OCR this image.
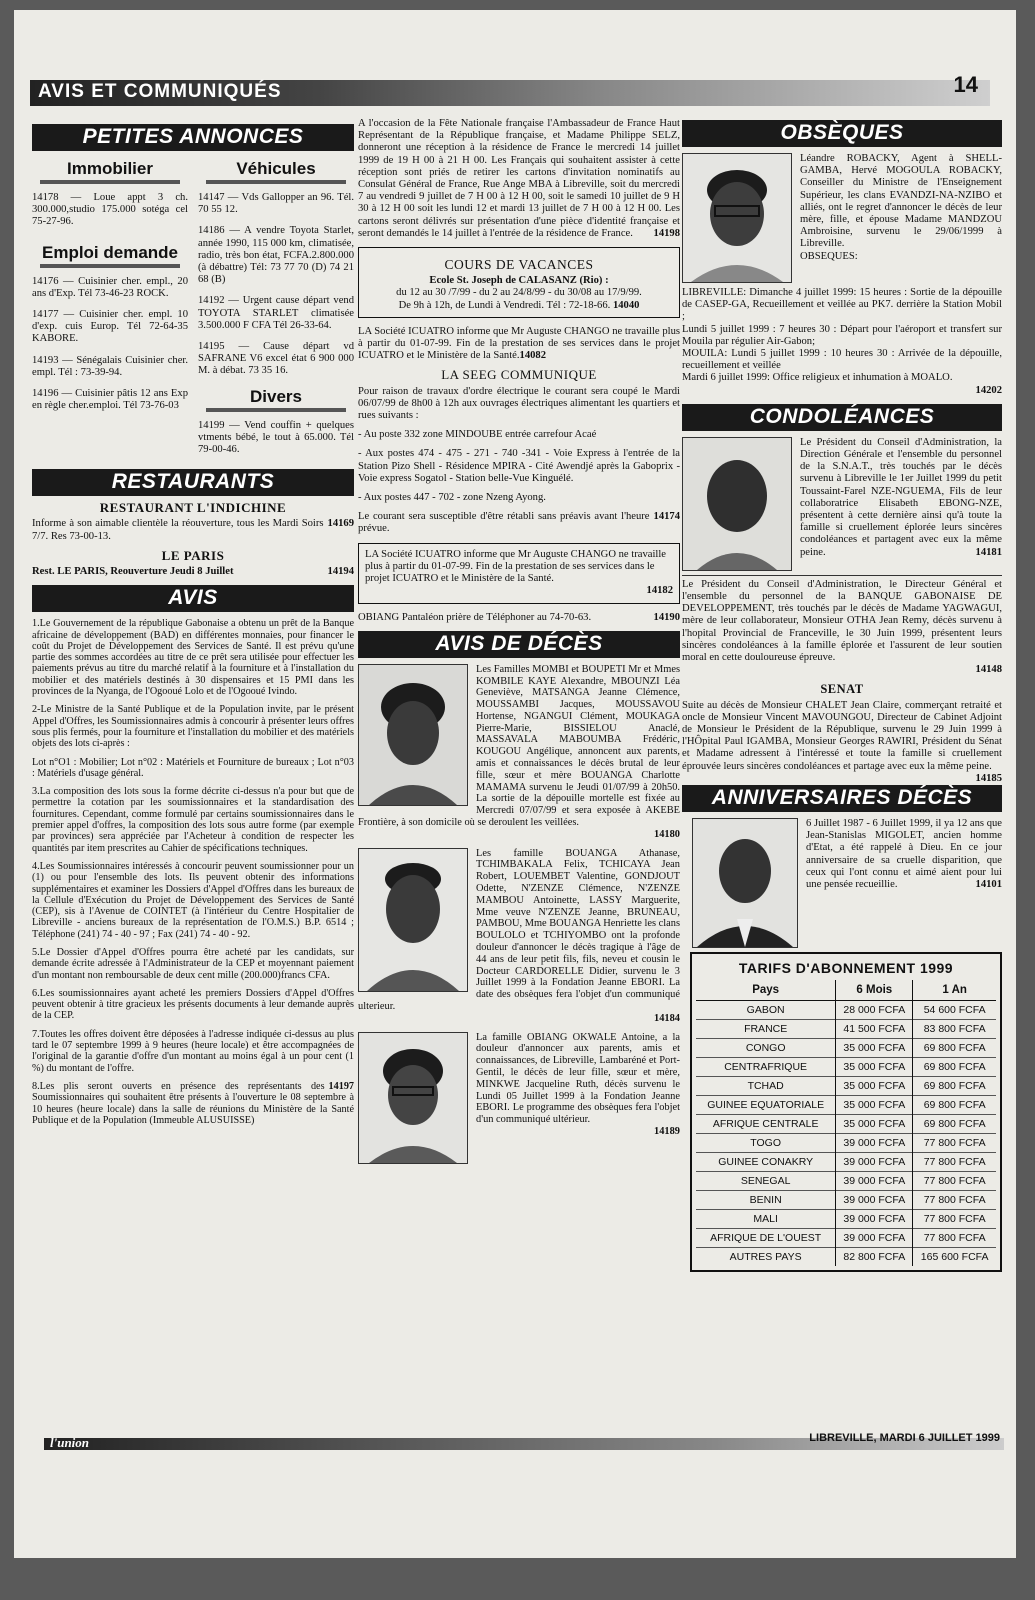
AVIS ET COMMUNIQUÉS	14
PETITES ANNONCES
Immobilier
14178 — Loue appt 3 ch. 300.000,studio 175.000 sotéga cel 75-27-96.
Emploi demande
14176 — Cuisinier cher. empl., 20 ans d'Exp. Tél 73-46-23 ROCK.
14177 — Cuisinier cher. empl. 10 d'exp. cuis Europ. Tél 72-64-35 KABORE.
14193 — Sénégalais Cuisinier cher. empl. Tél : 73-39-94.
14196 — Cuisinier pâtis 12 ans Exp en règle cher.emploi. Tél 73-76-03
Véhicules
14147 — Vds Gallopper an 96. Tél. 70 55 12.
14186 — A vendre Toyota Starlet, année 1990, 115 000 km, climatisée, radio, très bon état, FCFA.2.800.000 (à débattre) Tél: 73 77 70 (D) 74 21 68 (B)
14192 — Urgent cause départ vend TOYOTA STARLET climatisée 3.500.000 F CFA Tél 26-33-64.
14195 — Cause départ vd SAFRANE V6 excel état 6 900 000 M. à débat. 73 35 16.
Divers
14199 — Vend couffin + quelques vtments bébé, le tout à 65.000. Tél 79-00-46.
RESTAURANTS
RESTAURANT L'INDICHINE
14169
Informe à son aimable clientèle la réouverture, tous les Mardi Soirs 7/7. Res 73-00-13.
LE PARIS
14194
Rest. LE PARIS, Reouverture Jeudi 8 Juillet
AVIS
1.Le Gouvernement de la république Gabonaise a obtenu un prêt de la Banque africaine de développement (BAD) en différentes monnaies, pour financer le coût du Projet de Développement des Services de Santé. Il est prévu qu'une partie des sommes accordées au titre de ce prêt sera utilisée pour effectuer les paiements prévus au titre du marché relatif à la fourniture et à l'installation du mobilier et des matériels destinés à 30 dispensaires et 15 PMI dans les provinces de la Nyanga, de l'Ogooué Lolo et de l'Ogooué Ivindo.
2-Le Ministre de la Santé Publique et de la Population invite, par le présent Appel d'Offres, les Soumissionnaires admis à concourir à présenter leurs offres sous plis fermés, pour la fourniture et l'installation du mobilier et des matériels objets des lots ci-après :
Lot n°O1 : Mobilier; Lot n°02 : Matériels et Fourniture de bureaux ; Lot n°03 : Matériels d'usage général.
3.La composition des lots sous la forme décrite ci-dessus n'a pour but que de permettre la cotation par les soumissionnaires et la standardisation des fournitures. Cependant, comme formulé par certains soumissionnaires dans le premier appel d'offres, la composition des lots sous autre forme (par exemple par provinces) sera appréciée par l'Acheteur à condition de respecter les quantités par item prescrites au Cahier de spécifications techniques.
4.Les Soumissionnaires intéressés à concourir peuvent soumissionner pour un (1) ou pour l'ensemble des lots. Ils peuvent obtenir des informations supplémentaires et examiner les Dossiers d'Appel d'Offres dans les bureaux de la Cellule d'Exécution du Projet de Développement des Services de Santé (CEP), sis à l'Avenue de COINTET (à l'intérieur du Centre Hospitalier de Libreville - anciens bureaux de la représentation de l'O.M.S.) B.P. 6514 ; Téléphone (241) 74 - 40 - 97 ; Fax (241) 74 - 40 - 92.
5.Le Dossier d'Appel d'Offres pourra être acheté par les candidats, sur demande écrite adressée à l'Administrateur de la CEP et moyennant paiement d'un montant non remboursable de deux cent mille (200.000)francs CFA.
6.Les soumissionnaires ayant acheté les premiers Dossiers d'Appel d'Offres peuvent obtenir à titre gracieux les présents documents à leur demande auprès de la CEP.
7.Toutes les offres doivent être déposées à l'adresse indiquée ci-dessus au plus tard le 07 septembre 1999 à 9 heures (heure locale) et être accompagnées de l'original de la garantie d'offre d'un montant au moins égal à un pour cent (1 %) du montant de l'offre.
14197
8.Les plis seront ouverts en présence des représentants des Soumissionnaires qui souhaitent être présents à l'ouverture le 08 septembre à 10 heures (heure locale) dans la salle de réunions du Ministère de la Santé Publique et de la Population (Immeuble ALUSUISSE)
A l'occasion de la Fête Nationale française l'Ambassadeur de France Haut Représentant de la République française, et Madame Philippe SELZ, donneront une réception à la résidence de France le mercredi 14 juillet 1999 de 19 H 00 à 21 H 00. Les Français qui souhaitent assister à cette réception sont priés de retirer les cartons d'invitation nominatifs au Consulat Général de France, Rue Ange MBA à Libreville, soit du mercredi 7 au vendredi 9 juillet de 7 H 00 à 12 H 00, soit le samedi 10 juillet de 9 H 30 à 12 H 00 soit les lundi 12 et mardi 13 juillet de 7 H 00 à 12 H 00. Les cartons seront délivrés sur présentation d'une pièce d'identité française et seront demandés le 14 juillet à l'entrée de la résidence de France. 14198
COURS DE VACANCES
Ecole St. Joseph de CALASANZ (Rio) :
du 12 au 30 /7/99 - du 2 au 24/8/99 - du 30/08 au 17/9/99.
De 9h à 12h, de Lundi à Vendredi. Tél : 72-18-66. 14040
LA Société ICUATRO informe que Mr Auguste CHANGO ne travaille plus à partir du 01-07-99. Fin de la prestation de ses services dans le projet ICUATRO et le Ministère de la Santé.14082
LA SEEG COMMUNIQUE
Pour raison de travaux d'ordre électrique le courant sera coupé le Mardi 06/07/99 de 8h00 à 12h aux ouvrages électriques alimentant les quartiers et rues suivants :
- Au poste 332 zone MINDOUBE entrée carrefour Acaé
- Aux postes 474 - 475 - 271 - 740 -341 - Voie Express à l'entrée de la Station Pizo Shell - Résidence MPIRA - Cité Awendjé après la Gaboprix - Voie express Sogatol - Station belle-Vue Kinguélé.
- Aux postes 447 - 702 - zone Nzeng Ayong.
14174
Le courant sera susceptible d'être rétabli sans préavis avant l'heure prévue.
LA Société ICUATRO informe que Mr Auguste CHANGO ne travaille plus à partir du 01-07-99. Fin de la prestation de ses services dans le projet ICUATRO et le Ministère de la Santé.
14182
14190
OBIANG Pantaléon prière de Téléphoner au 74-70-63.
AVIS DE DÉCÈS
Les Familles MOMBI et BOUPETI Mr et Mmes KOMBILE KAYE Alexandre, MBOUNZI Léa Geneviève, MATSANGA Jeanne Clémence, MOUSSAMBI Jacques, MOUSSAVOU Hortense, NGANGUI Clément, MOUKAGA Pierre-Marie, BISSIELOU Anaclé, MASSAVALA MABOUMBA Frédéric, KOUGOU Angélique, annoncent aux parents, amis et connaissances le décès brutal de leur fille, sœur et mère BOUANGA Charlotte MAMAMA survenu le Jeudi 01/07/99 à 20h50. La sortie de la dépouille mortelle est fixée au Mercredi 07/07/99 et sera exposée à AKEBE Frontière, à son domicile où se deroulent les veillées.
14180
Les famille BOUANGA Athanase, TCHIMBAKALA Felix, TCHICAYA Jean Robert, LOUEMBET Valentine, GONDJOUT Odette, N'ZENZE Clémence, N'ZENZE MAMBOU Antoinette, LASSY Marguerite, Mme veuve N'ZENZE Jeanne, BRUNEAU, PAMBOU, Mme BOUANGA Henriette les clans BOULOLO et TCHIYOMBO ont la profonde douleur d'annoncer le décès tragique à l'âge de 44 ans de leur petit fils, fils, neveu et cousin le Docteur CARDORELLE Didier, survenu le 3 Juillet 1999 à la Fondation Jeanne EBORI. La date des obsèques fera l'objet d'un communiqué ulterieur.
14184
La famille OBIANG OKWALE Antoine, a la douleur d'annoncer aux parents, amis et connaissances, de Libreville, Lambaréné et Port-Gentil, le décès de leur fille, sœur et mère, MINKWE Jacqueline Ruth, décès survenu le Lundi 05 Juillet 1999 à la Fondation Jeanne EBORI. Le programme des obsèques fera l'objet d'un communiqué ultérieur.
14189
OBSÈQUES
Léandre ROBACKY, Agent à SHELL-GAMBA, Hervé MOGOULA ROBACKY, Conseiller du Ministre de l'Enseignement Supérieur, les clans EVANDZI-NA-NZIBO et alliés, ont le regret d'annoncer le décès de leur mère, fille, et épouse Madame MANDZOU Ambroisine, survenu le 29/06/1999 à Libreville.
OBSEQUES:
LIBREVILLE: Dimanche 4 juillet 1999: 15 heures : Sortie de la dépouille de CASEP-GA, Recueillement et veillée au PK7. derrière la Station Mobil ;
Lundi 5 juillet 1999 : 7 heures 30 : Départ pour l'aéroport et transfert sur Mouila par régulier Air-Gabon;
MOUILA: Lundi 5 juillet 1999 : 10 heures 30 : Arrivée de la dépouille, recueillement et veillée
Mardi 6 juillet 1999: Office religieux et inhumation à MOALO.
14202
CONDOLÉANCES
Le Président du Conseil d'Administration, la Direction Générale et l'ensemble du personnel de la S.N.A.T., très touchés par le décès survenu à Libreville le 1er Juillet 1999 du petit Toussaint-Farel NZE-NGUEMA, Fils de leur collaboratrice Elisabeth EBONG-NZE, présentent à cette dernière ainsi qu'à toute la famille si cruellement éplorée leurs sincères condoléances et partagent avec eux la même peine.	14181
Le Président du Conseil d'Administration, le Directeur Général et l'ensemble du personnel de la BANQUE GABONAISE DE DEVELOPPEMENT, très touchés par le décès de Madame YAGWAGUI, mère de leur collaborateur, Monsieur OTHA Jean Remy, décès survenu à l'hopital Provincial de Franceville, le 30 Juin 1999, présentent leurs sincères condoléances à la famille éplorée et l'assurent de leur soutien moral en cette douloureuse épreuve.
14148
SENAT
Suite au décès de Monsieur CHALET Jean Claire, commerçant retraité et oncle de Monsieur Vincent MAVOUNGOU, Directeur de Cabinet Adjoint de Monsieur le Président de la République, survenu le 29 Juin 1999 à l'HÔpital Paul IGAMBA, Monsieur Georges RAWIRI, Président du Sénat et Madame adressent à l'intéressé et toute la famille si cruellement éprouvée leurs sincères condoléances et partage avec eux la même peine.
14185
ANNIVERSAIRES DÉCÈS
6 Juillet 1987 - 6 Juillet 1999, il ya 12 ans que Jean-Stanislas MIGOLET, ancien homme d'Etat, a été rappelé à Dieu. En ce jour anniversaire de sa cruelle disparition, que ceux qui l'ont connu et aimé aient pour lui une pensée recueillie.	14101
TARIFS D'ABONNEMENT 1999
Pays	6 Mois	1 An
GABON	28 000 FCFA	54 600 FCFA
FRANCE	41 500 FCFA	83 800 FCFA
CONGO	35 000 FCFA	69 800 FCFA
CENTRAFRIQUE	35 000 FCFA	69 800 FCFA
TCHAD	35 000 FCFA	69 800 FCFA
GUINEE EQUATORIALE	35 000 FCFA	69 800 FCFA
AFRIQUE CENTRALE	35 000 FCFA	69 800 FCFA
TOGO	39 000 FCFA	77 800 FCFA
GUINEE CONAKRY	39 000 FCFA	77 800 FCFA
SENEGAL	39 000 FCFA	77 800 FCFA
BENIN	39 000 FCFA	77 800 FCFA
MALI	39 000 FCFA	77 800 FCFA
AFRIQUE DE L'OUEST	39 000 FCFA	77 800 FCFA
AUTRES PAYS	82 800 FCFA	165 600 FCFA
l'union	LIBREVILLE, MARDI 6 JUILLET 1999
